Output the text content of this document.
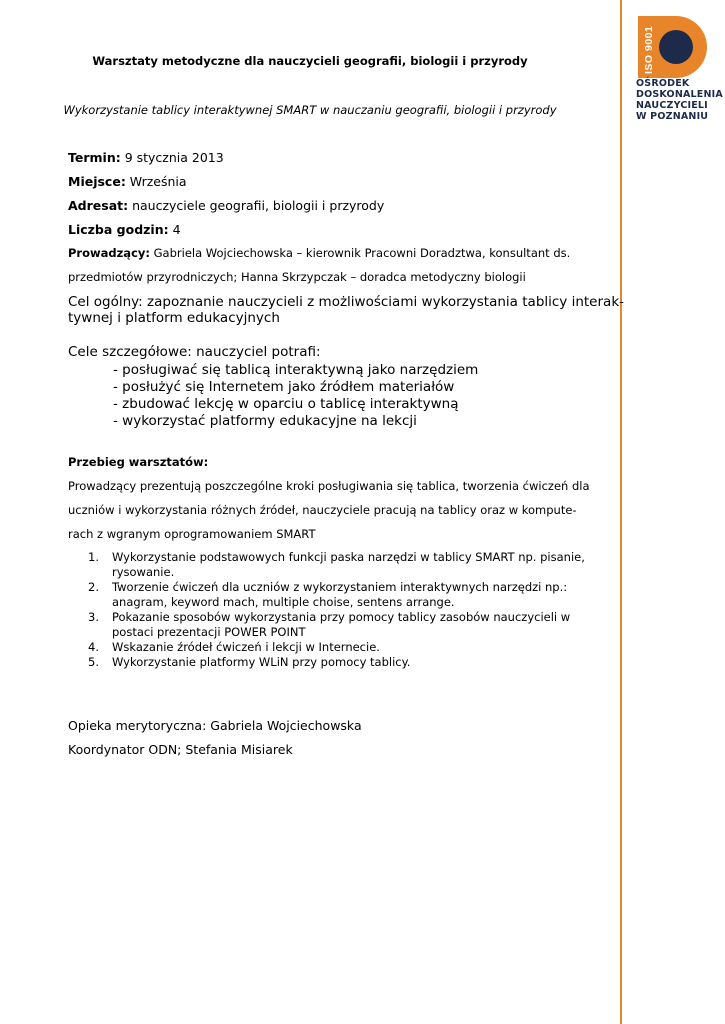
ISO 9001
OŚRODEK
DOSKONALENIA
NAUCZYCIELI
W POZNANIU
Warsztaty metodyczne dla nauczycieli geografii, biologii i przyrody
Wykorzystanie tablicy interaktywnej SMART w nauczaniu geografii, biologii i przyrody
Termin: 9 stycznia 2013
Miejsce: Września
Adresat: nauczyciele geografii, biologii i przyrody
Liczba godzin: 4
Prowadzący: Gabriela Wojciechowska – kierownik Pracowni Doradztwa, konsultant ds.
przedmiotów przyrodniczych; Hanna Skrzypczak – doradca metodyczny biologii
Cel ogólny: zapoznanie nauczycieli z możliwościami wykorzystania tablicy interak-
tywnej i platform edukacyjnych
Cele szczegółowe: nauczyciel potrafi:
- posługiwać się tablicą interaktywną jako narzędziem
- posłużyć się Internetem jako źródłem materiałów
- zbudować lekcję w oparciu o tablicę interaktywną
- wykorzystać platformy edukacyjne na lekcji
Przebieg warsztatów:
Prowadzący prezentują poszczególne kroki posługiwania się tablica, tworzenia ćwiczeń dla
uczniów i wykorzystania różnych źródeł, nauczyciele pracują na tablicy oraz w kompute-
rach z wgranym oprogramowaniem SMART
1. Wykorzystanie podstawowych funkcji paska narzędzi w tablicy SMART np. pisanie,
rysowanie.
2. Tworzenie ćwiczeń dla uczniów z wykorzystaniem interaktywnych narzędzi np.:
anagram, keyword mach, multiple choise, sentens arrange.
3. Pokazanie sposobów wykorzystania przy pomocy tablicy zasobów nauczycieli w
postaci prezentacji POWER POINT
4. Wskazanie źródeł ćwiczeń i lekcji w Internecie.
5. Wykorzystanie platformy WLiN przy pomocy tablicy.
Opieka merytoryczna: Gabriela Wojciechowska
Koordynator ODN; Stefania Misiarek
